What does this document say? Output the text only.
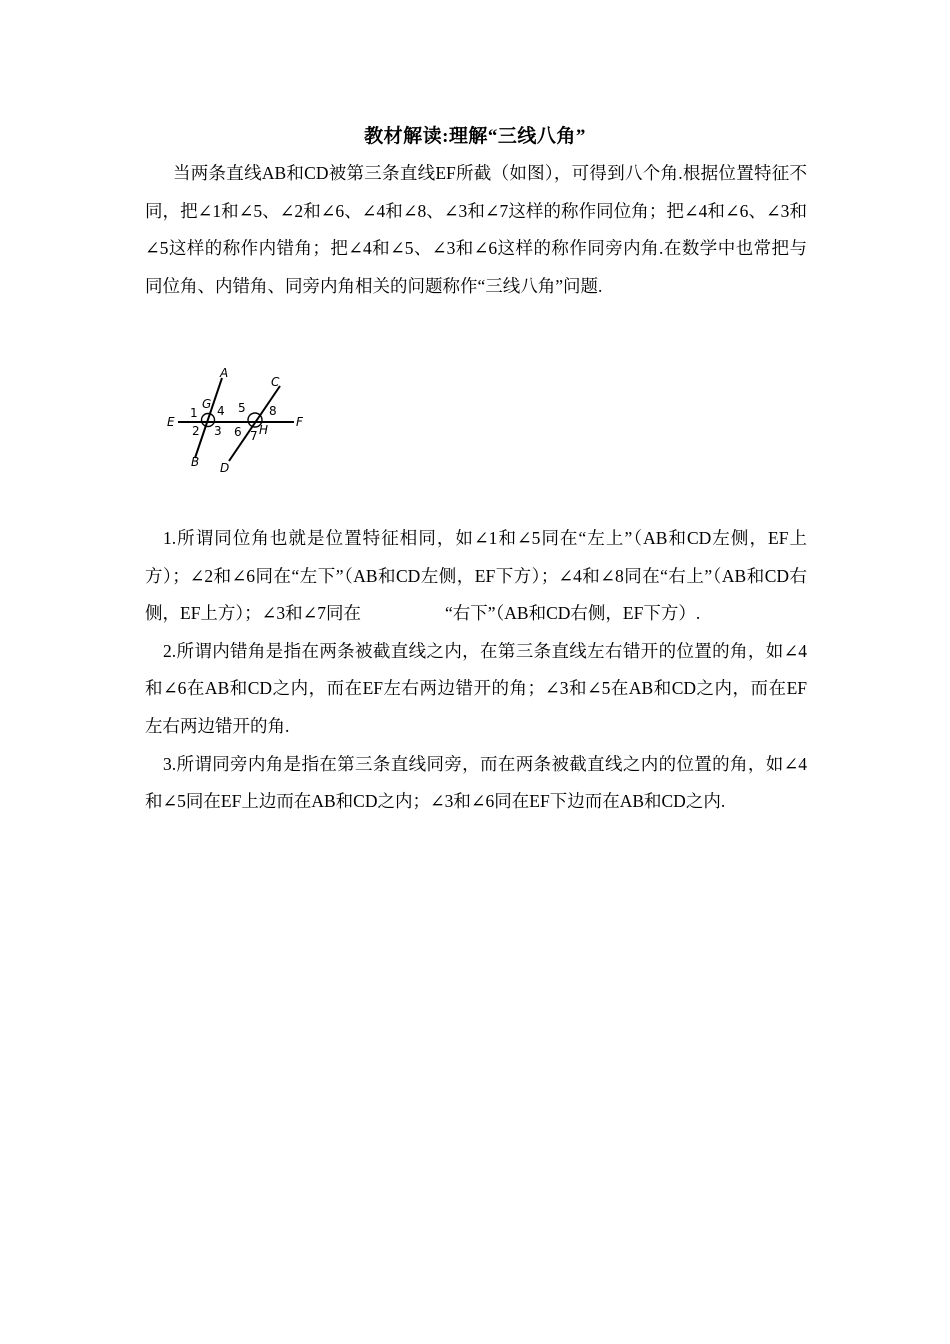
教材解读:理解“三线八角”

当两条直线AB和CD被第三条直线EF所截（如图），可得到八个角.根据位置特征不同，把∠1和∠5、∠2和∠6、∠4和∠8、∠3和∠7这样的称作同位角；把∠4和∠6、∠3和∠5这样的称作内错角；把∠4和∠5、∠3和∠6这样的称作同旁内角.在数学中也常把与同位角、内错角、同旁内角相关的问题称作“三线八角”问题.

A
B
C
D
E	F
G
H
1
2 3
4 5
6 7
8

1.所谓同位角也就是位置特征相同，如∠1和∠5同在“左上”（AB和CD左侧，EF上方）；∠2和∠6同在“左下”（AB和CD左侧，EF下方）；∠4和∠8同在“右上”（AB和CD右侧，EF上方）；∠3和∠7同在	“右下”（AB和CD右侧，EF下方）.

2.所谓内错角是指在两条被截直线之内，在第三条直线左右错开的位置的角，如∠4和∠6在AB和CD之内，而在EF左右两边错开的角；∠3和∠5在AB和CD之内，而在EF左右两边错开的角.

3.所谓同旁内角是指在第三条直线同旁，而在两条被截直线之内的位置的角，如∠4和∠5同在EF上边而在AB和CD之内；∠3和∠6同在EF下边而在AB和CD之内.
